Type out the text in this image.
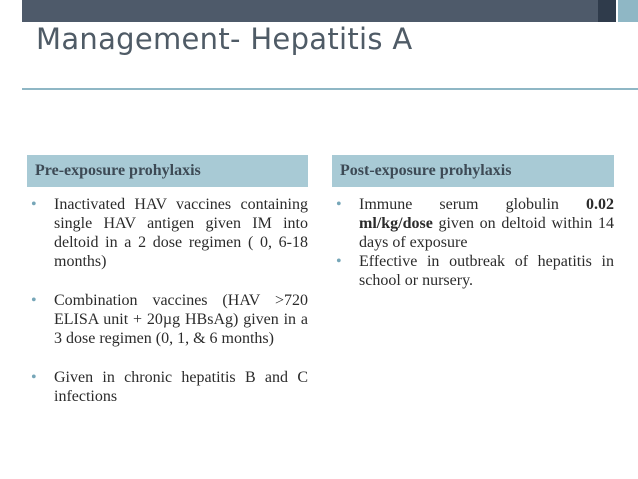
Management- Hepatitis A
Pre-exposure prohylaxis
• Inactivated HAV vaccines containing single HAV antigen given IM into deltoid in a 2 dose regimen ( 0, 6-18 months)
• Combination vaccines (HAV >720 ELISA unit + 20µg HBsAg) given in a 3 dose regimen (0, 1, & 6 months)
• Given in chronic hepatitis B and C infections
Post-exposure prohylaxis
• Immune serum globulin 0.02 ml/kg/dose given on deltoid within 14 days of exposure
• Effective in outbreak of hepatitis in school or nursery.
